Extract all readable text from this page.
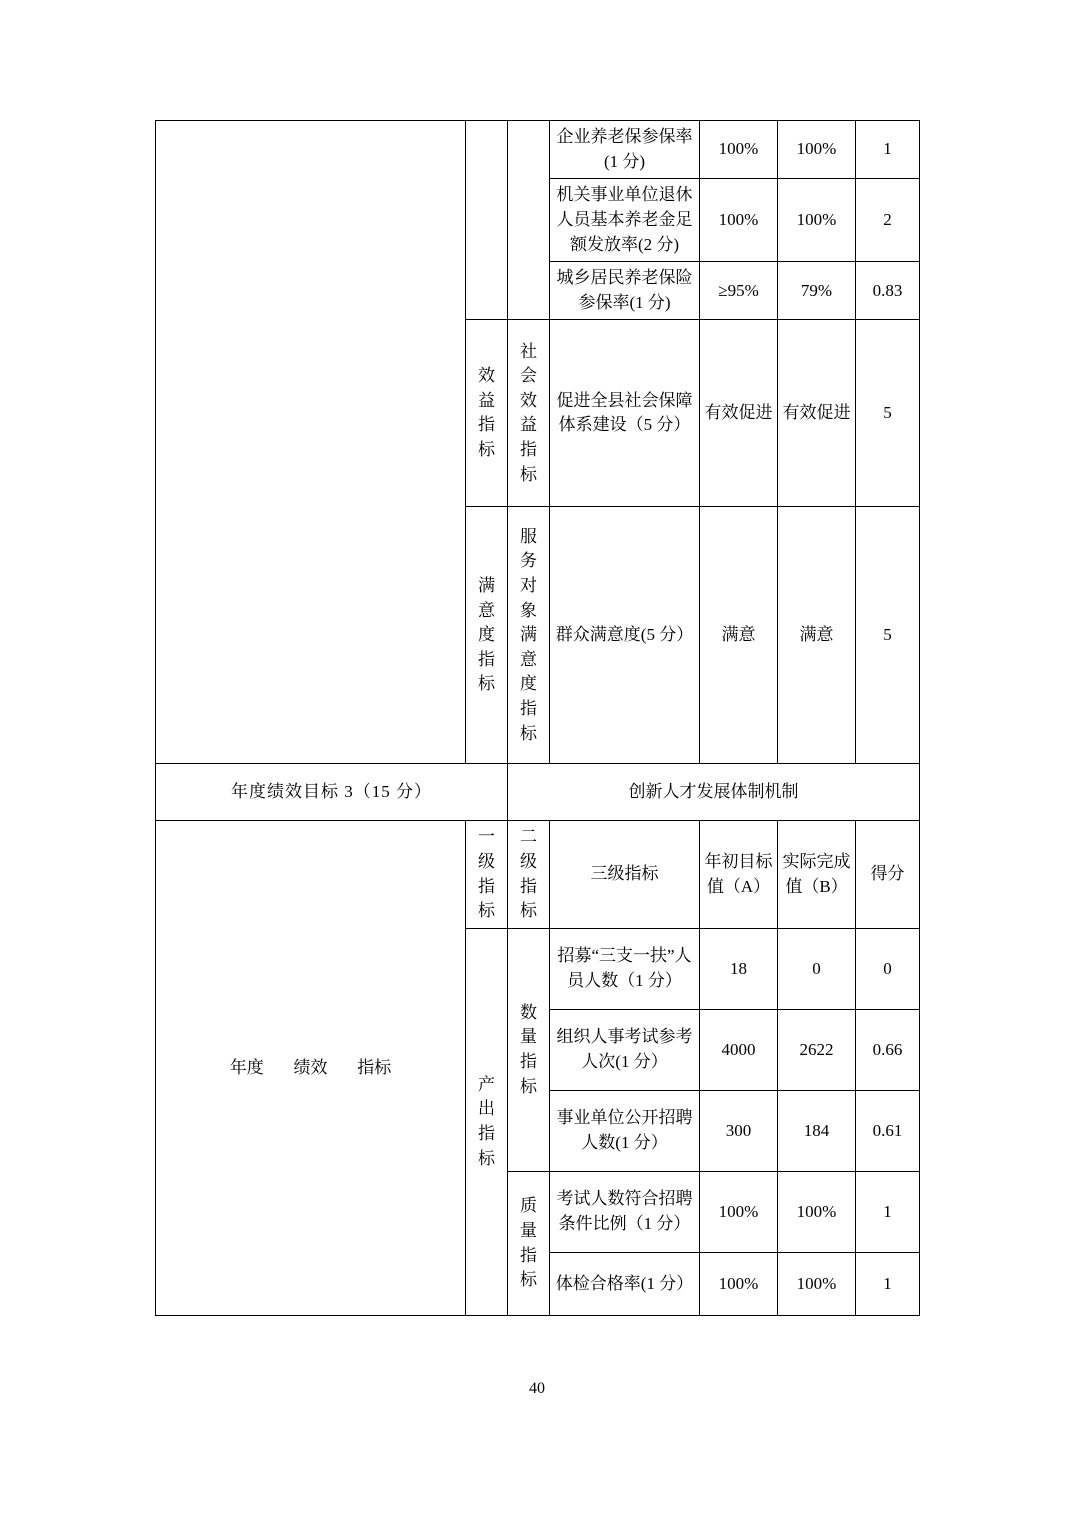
			企业养老保参保率(1 分)	100%	100%	1
			机关事业单位退休人员基本养老金足额发放率(2 分)	100%	100%	2
			城乡居民养老保险参保率(1 分)	≥95%	79%	0.83

	效益指标	社会效益指标	促进全县社会保障体系建设（5 分）	有效促进	有效促进	5

	满意度指标	服务对象满意度指标	群众满意度(5 分）	满意	满意	5
年度绩效目标 3（15 分）		创新人才发展体制机制				
年度 绩效 指标	一级指标	二级指标	三级指标	年初目标值（A）	实际完成值（B）	得分

	产出指标	数量指标	招募“三支一扶”人员人数（1 分）	18	0	0
			组织人事考试参考人次(1 分）	4000	2622	0.66
			事业单位公开招聘人数(1 分）	300	184	0.61

		质量指标	考试人数符合招聘条件比例（1 分）	100%	100%	1
			体检合格率(1 分）	100%	100%	1
40
